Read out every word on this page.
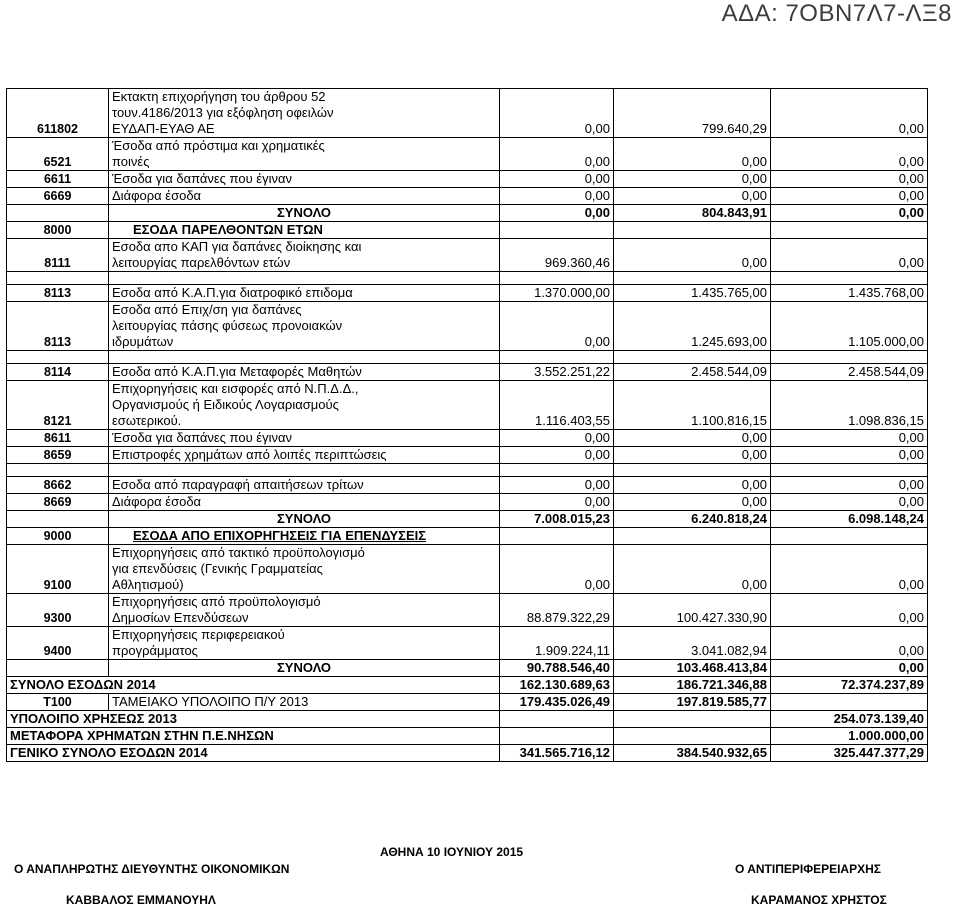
ΑΔΑ: 7ΟΒΝ7Λ7-ΛΞ8
611802	Εκτακτη επιχορήγηση του άρθρου 52
τουν.4186/2013 για εξόφληση οφειλών
ΕΥΔΑΠ-ΕΥΑΘ ΑΕ	0,00	799.640,29	0,00
6521	Έσοδα από πρόστιμα και χρηματικές
ποινές	0,00	0,00	0,00
6611	Έσοδα για δαπάνες που έγιναν	0,00	0,00	0,00
6669	Διάφορα έσοδα	0,00	0,00	0,00

	ΣΥΝΟΛΟ	0,00	804.843,91	0,00
8000	ΕΣΟΔΑ ΠΑΡΕΛΘΟΝΤΩΝ ΕΤΩΝ			

8111	Εσοδα απο ΚΑΠ για δαπάνες διοίκησης και
λειτουργίας παρελθόντων ετών	969.360,46	0,00	0,00

8113	Εσοδα από Κ.Α.Π.για διατροφικό επιδομα	1.370.000,00	1.435.765,00	1.435.768,00
8113	Εσοδα από Επιχ/ση για δαπάνες
λειτουργίας πάσης φύσεως προνοιακών
ιδρυμάτων	0,00	1.245.693,00	1.105.000,00

8114	Εσοδα από Κ.Α.Π.για Μεταφορές Μαθητών	3.552.251,22	2.458.544,09	2.458.544,09
8121	Επιχορηγήσεις και εισφορές από Ν.Π.Δ.Δ.,
Οργανισμούς ή Ειδικούς Λογαριασμούς
εσωτερικού.	1.116.403,55	1.100.816,15	1.098.836,15
8611	Έσοδα για δαπάνες που έγιναν	0,00	0,00	0,00
8659	Επιστροφές χρημάτων από λοιπές περιπτώσεις	0,00	0,00	0,00

8662	Εσοδα από παραγραφή απαιτήσεων τρίτων	0,00	0,00	0,00
8669	Διάφορα έσοδα	0,00	0,00	0,00

	ΣΥΝΟΛΟ	7.008.015,23	6.240.818,24	6.098.148,24
9000	ΕΣΟΔΑ ΑΠΟ ΕΠΙΧΟΡΗΓΗΣΕΙΣ ΓΙΑ ΕΠΕΝΔΥΣΕΙΣ			

9100	Επιχορηγήσεις από τακτικό προϋπολογισμό
για επενδύσεις (Γενικής Γραμματείας
Αθλητισμού)	0,00	0,00	0,00
9300	Επιχορηγήσεις από προϋπολογισμό
Δημοσίων Επενδύσεων	88.879.322,29	100.427.330,90	0,00
9400	Επιχορηγήσεις περιφερειακού
προγράμματος	1.909.224,11	3.041.082,94	0,00

	ΣΥΝΟΛΟ	90.788.546,40	103.468.413,84	0,00
ΣΥΝΟΛΟ ΕΣΟΔΩΝ 2014		162.130.689,63	186.721.346,88	72.374.237,89
Τ100	ΤΑΜΕΙΑΚΟ ΥΠΟΛΟΙΠΟ Π/Υ 2013	179.435.026,49	197.819.585,77	
ΥΠΟΛΟΙΠΟ ΧΡΗΣΕΩΣ 2013				254.073.139,40
ΜΕΤΑΦΟΡΑ ΧΡΗΜΑΤΩΝ ΣΤΗΝ Π.Ε.ΝΗΣΩΝ				1.000.000,00
ΓΕΝΙΚΟ ΣΥΝΟΛΟ ΕΣΟΔΩΝ 2014		341.565.716,12	384.540.932,65	325.447.377,29
ΑΘΗΝΑ 10 ΙΟΥΝΙΟΥ 2015
Ο ΑΝΑΠΛΗΡΩΤΗΣ ΔΙΕΥΘΥΝΤΗΣ ΟΙΚΟΝΟΜΙΚΩΝ	Ο ΑΝΤΙΠΕΡΙΦΕΡΕΙΑΡΧΗΣ
ΚΑΒΒΑΛΟΣ ΕΜΜΑΝΟΥΗΛ	ΚΑΡΑΜΑΝΟΣ ΧΡΗΣΤΟΣ
